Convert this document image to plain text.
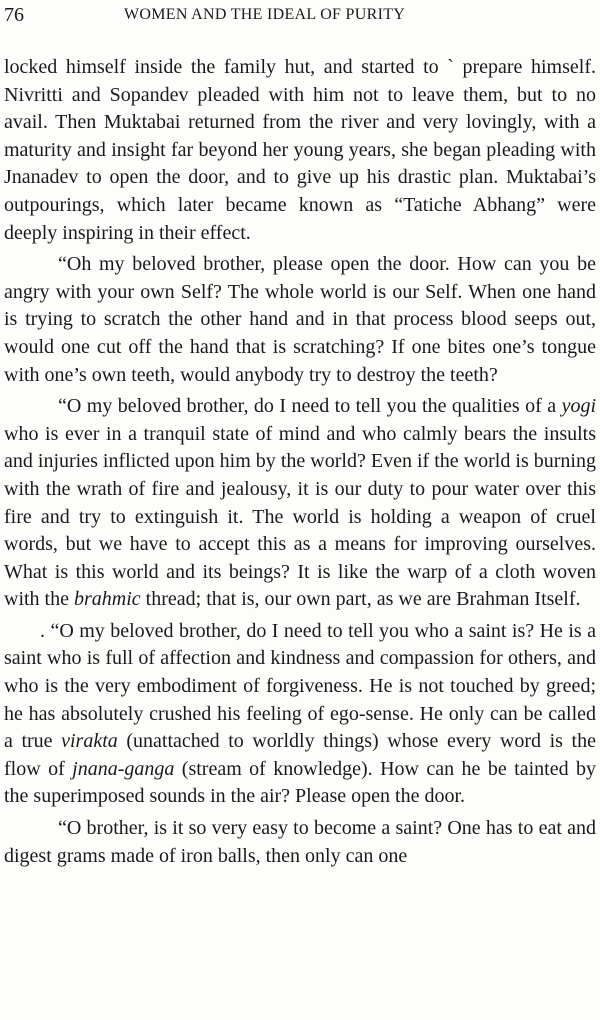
76	WOMEN AND THE IDEAL OF PURITY

locked himself inside the family hut, and started to ` prepare himself. Nivritti and Sopandev pleaded with him not to leave them, but to no avail. Then Muktabai returned from the river and very lovingly, with a maturity and insight far beyond her young years, she began pleading with Jnanadev to open the door, and to give up his drastic plan. Muktabai’s outpourings, which later became known as “Tatiche Abhang” were deeply inspiring in their effect.

“Oh my beloved brother, please open the door. How can you be angry with your own Self? The whole world is our Self. When one hand is trying to scratch the other hand and in that process blood seeps out, would one cut off the hand that is scratching? If one bites one’s tongue with one’s own teeth, would anybody try to destroy the teeth?

“O my beloved brother, do I need to tell you the qualities of a yogi who is ever in a tranquil state of mind and who calmly bears the insults and injuries inflicted upon him by the world? Even if the world is burning with the wrath of fire and jealousy, it is our duty to pour water over this fire and try to extinguish it. The world is holding a weapon of cruel words, but we have to accept this as a means for improving ourselves. What is this world and its beings? It is like the warp of a cloth woven with the brahmic thread; that is, our own part, as we are Brahman Itself.

. “O my beloved brother, do I need to tell you who a saint is? He is a saint who is full of affection and kindness and compassion for others, and who is the very embodiment of forgiveness. He is not touched by greed; he has absolutely crushed his feeling of ego-sense. He only can be called a true virakta (unattached to worldly things) whose every word is the flow of jnana-ganga (stream of knowledge). How can he be tainted by the superimposed sounds in the air? Please open the door.

“O brother, is it so very easy to become a saint? One has to eat and digest grams made of iron balls, then only can one
